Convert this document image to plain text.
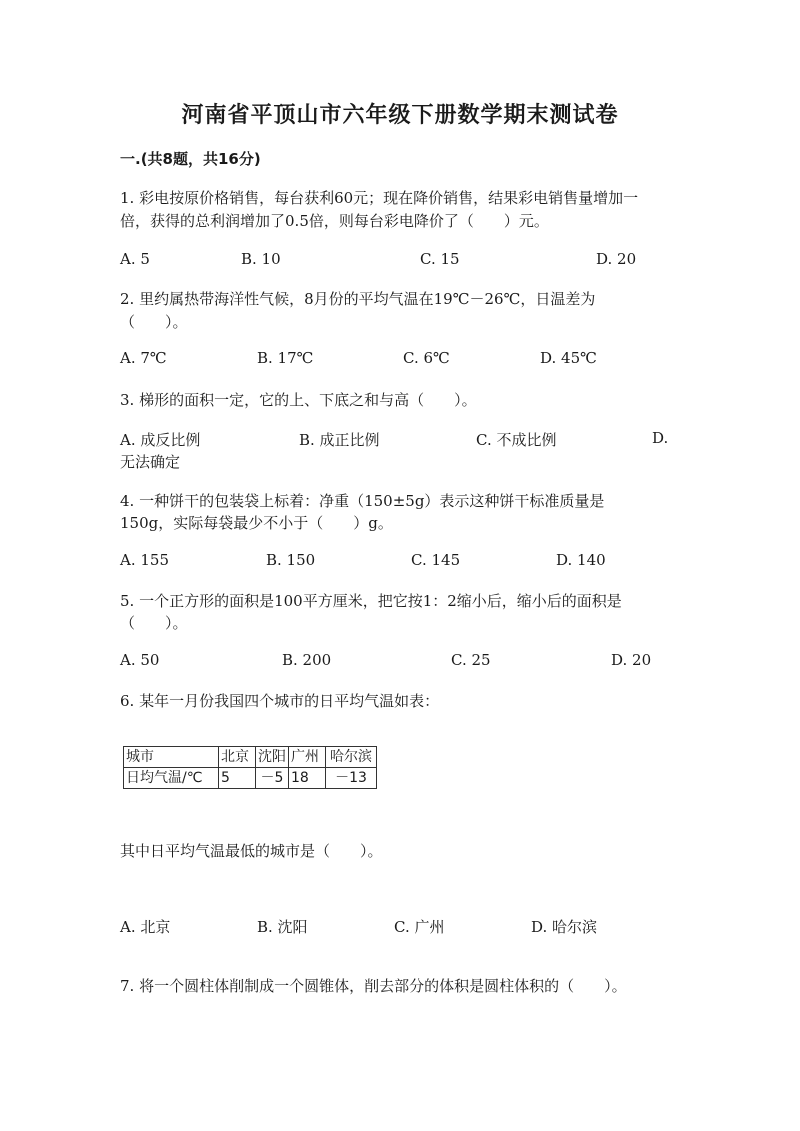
河南省平顶山市六年级下册数学期末测试卷
一.(共8题，共16分)
1. 彩电按原价格销售，每台获利60元；现在降价销售，结果彩电销售量增加一
倍，获得的总利润增加了0.5倍，则每台彩电降价了（　　）元。
A. 5	B. 10	C. 15	D. 20
2. 里约属热带海洋性气候，8月份的平均气温在19℃－26℃，日温差为
（　　）。
A. 7℃	B. 17℃	C. 6℃	D. 45℃
3. 梯形的面积一定，它的上、下底之和与高（　　）。
A. 成反比例	B. 成正比例	C. 不成比例	D.
无法确定
4. 一种饼干的包装袋上标着：净重（150±5g）表示这种饼干标准质量是
150g，实际每袋最少不小于（　　）g。
A. 155	B. 150	C. 145	D. 140
5. 一个正方形的面积是100平方厘米，把它按1：2缩小后，缩小后的面积是
（　　）。
A. 50	B. 200	C. 25	D. 20
6. 某年一月份我国四个城市的日平均气温如表：
城市	北京	沈阳	广州	哈尔滨
日均气温/℃	5	－5	18	－13
其中日平均气温最低的城市是（　　）。
A. 北京	B. 沈阳	C. 广州	D. 哈尔滨
7. 将一个圆柱体削制成一个圆锥体，削去部分的体积是圆柱体积的（　　）。
